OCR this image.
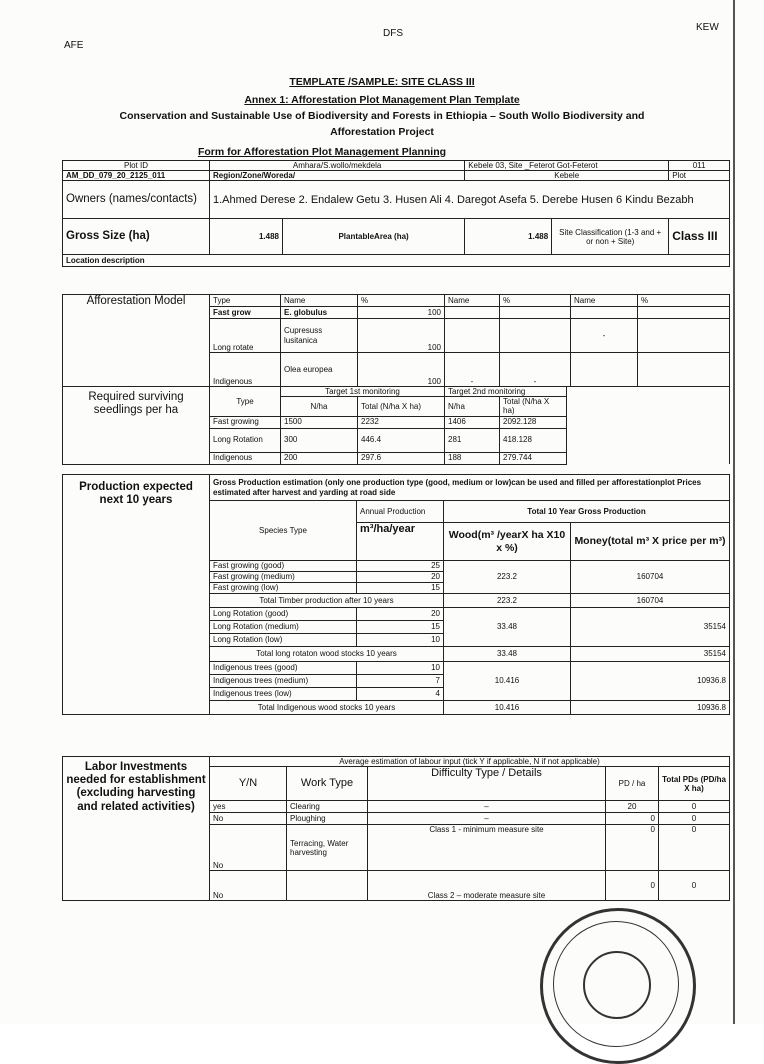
AFE
DFS
KEW
TEMPLATE /SAMPLE: SITE CLASS III
Annex 1: Afforestation Plot Management Plan Template
Conservation and Sustainable Use of Biodiversity and Forests in Ethiopia – South Wollo Biodiversity and
Afforestation Project
Form for Afforestation Plot Management Planning
Plot ID	Amhara/S.wollo/mekdela		Kebele 03, Site _Feterot Got-Feterot		011
AM_DD_079_20_2125_011	Region/Zone/Woreda/		Kebele		Plot
Owners (names/contacts)	1.Ahmed Derese 2. Endalew Getu 3. Husen Ali 4. Daregot Asefa 5. Derebe Husen 6 Kindu Bezabh				
Gross Size (ha)	1.488	PlantableArea (ha)	1.488	Site Classification (1-3 and + or non + Site)	Class III
Location description					
Afforestation Model	Type	Name	%	Name	%	Name	%
	Fast grow	E. globulus	100				
	Long rotate	Cupresuss lusitanica	100			-	
	Indigenous	Olea europea	100	-	-		
Required surviving seedlings per ha	Type	Target 1st monitoring		Target 2nd monitoring		
		N/ha	Total (N/ha X ha)	N/ha	Total (N/ha X ha)	
	Fast growing	1500	2232	1406	2092.128	
	Long Rotation	300	446.4	281	418.128	
	Indigenous	200	297.6	188	279.744	
Production expected next 10 years	Gross Production estimation (only one production type (good, medium or low)can be used and filled per afforestationplot Prices estimated after harvest and yarding at road side			
	Species Type	Annual Production	Total 10 Year Gross Production	
		m³/ha/year	Wood(m³ /yearX ha X10 x %)	Money(total m³ X price per m³)
	Fast growing (good)	25	223.2	160704
	Fast growing (medium)	20		
	Fast growing (low)	15		
	Total Timber production after 10 years		223.2	160704
	Long Rotation (good)	20	33.48	35154
	Long Rotation (medium)	15		
	Long Rotation (low)	10		
	Total long rotaton wood stocks 10 years		33.48	35154
	Indigenous trees (good)	10	10.416	10936.8
	Indigenous trees (medium)	7		
	Indigenous trees (low)	4		
	Total Indigenous wood stocks 10 years		10.416	10936.8
Labor Investments needed for establishment (excluding harvesting and related activities)	Average estimation of labour input (tick Y if applicable, N if not applicable)				
	Y/N	Work Type	Difficulty Type / Details	PD / ha	Total PDs (PD/ha X ha)
	yes	Clearing	–	20	0
	No	Ploughing	–	0	0
	No	Terracing, Water harvesting	Class 1 - minimum measure site	0	0
	No		Class 2 – moderate measure site	0	0
